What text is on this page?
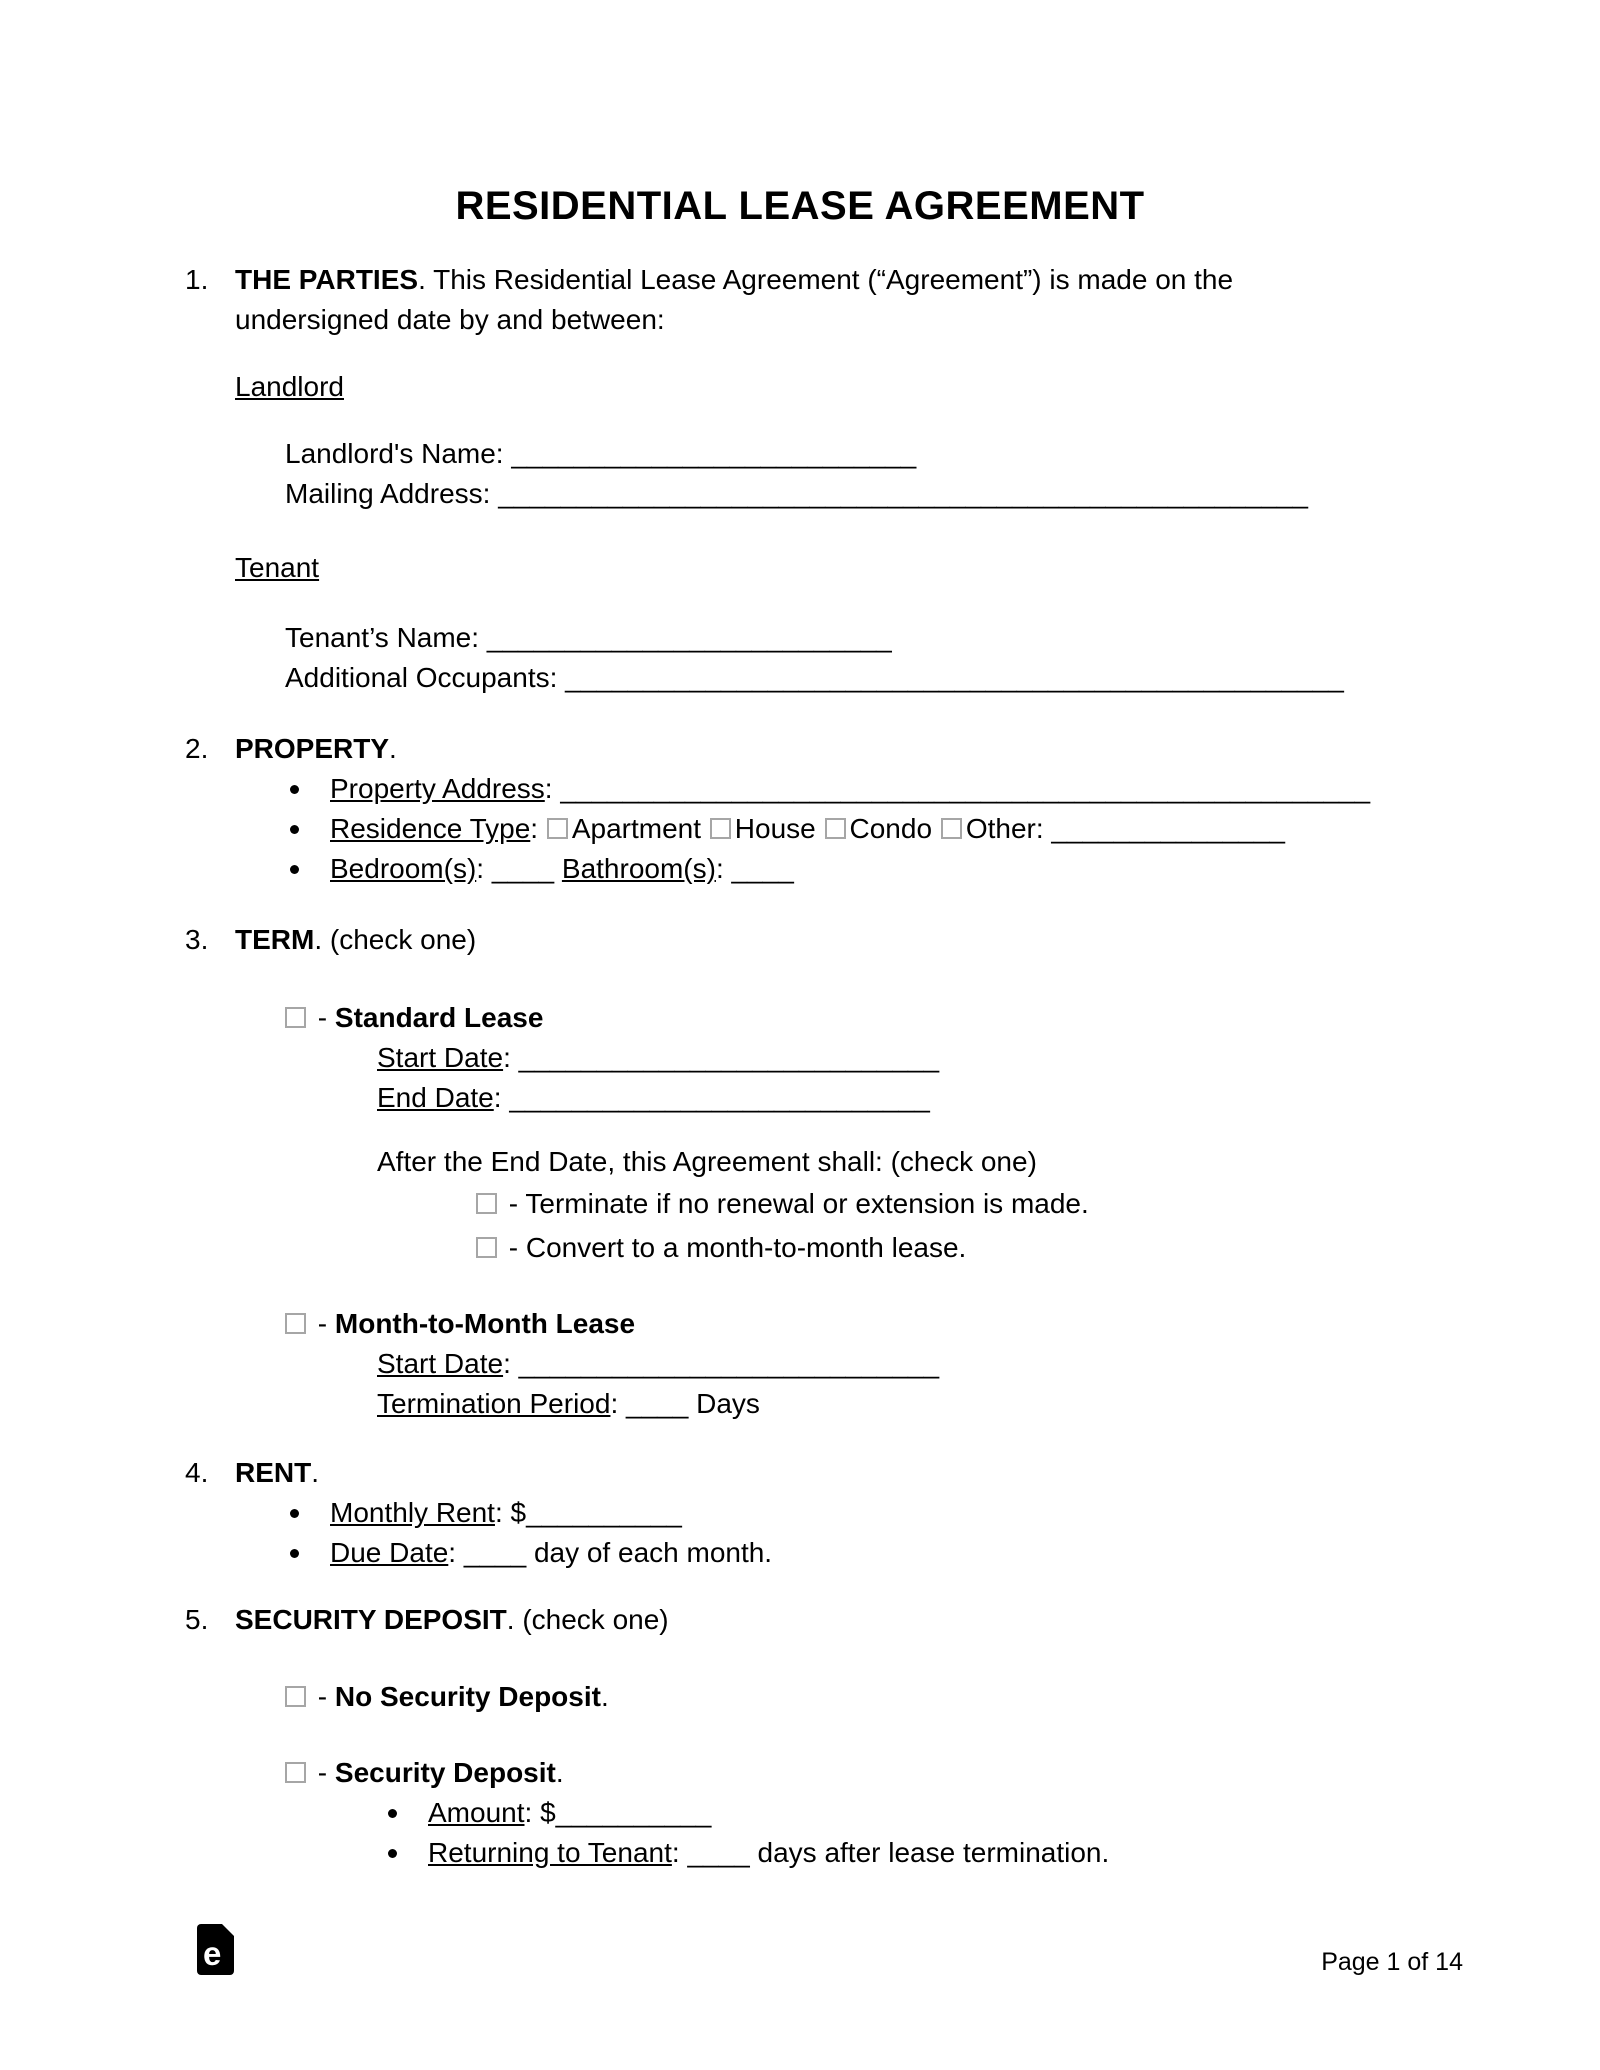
RESIDENTIAL LEASE AGREEMENT
1. THE PARTIES. This Residential Lease Agreement (“Agreement”) is made on the undersigned date by and between:

Landlord

Landlord's Name: __________________________

Mailing Address: ____________________________________________________

Tenant

Tenant’s Name: __________________________

Additional Occupants: __________________________________________________

2. PROPERTY.

Property Address: ____________________________________________________

Residence Type: Apartment House Condo Other: _______________

Bedroom(s): ____ Bathroom(s): ____

3. TERM. (check one)

- Standard Lease

Start Date: ___________________________

End Date: ___________________________

After the End Date, this Agreement shall: (check one)

- Terminate if no renewal or extension is made.

- Convert to a month-to-month lease.

- Month-to-Month Lease

Start Date: ___________________________

Termination Period: ____ Days

4. RENT.

Monthly Rent: $__________

Due Date: ____ day of each month.

5. SECURITY DEPOSIT. (check one)

- No Security Deposit.

- Security Deposit.

Amount: $__________

Returning to Tenant: ____ days after lease termination.

e	Page 1 of 14
